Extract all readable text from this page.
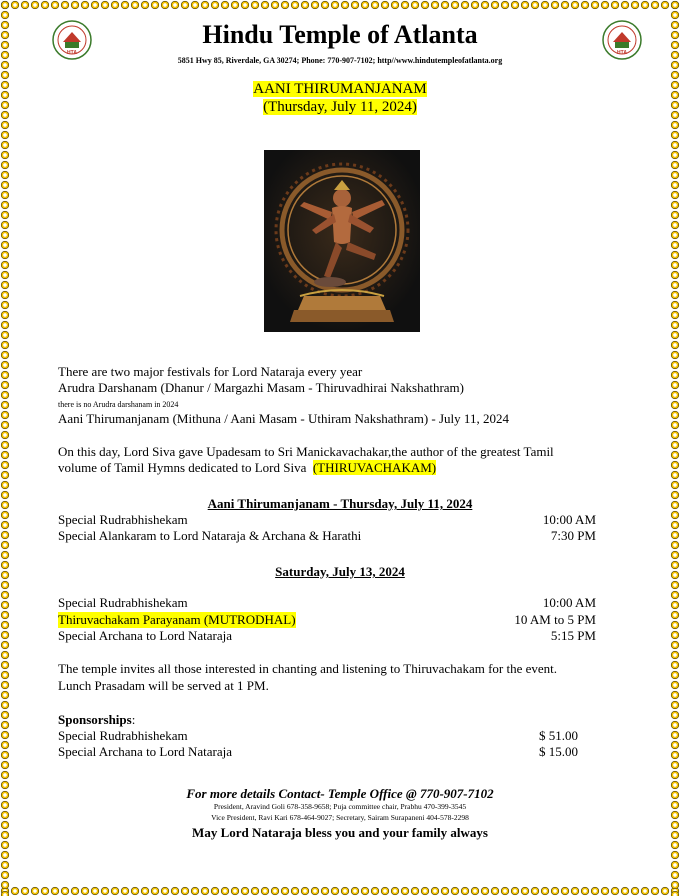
HTA	HTA
Hindu Temple of Atlanta
5851 Hwy 85, Riverdale, GA 30274; Phone: 770-907-7102; http//www.hindutempleofatlanta.org
AANI THIRUMANJANAM
(Thursday, July 11, 2024)
There are two major festivals for Lord Nataraja every year
Arudra Darshanam (Dhanur / Margazhi Masam - Thiruvadhirai Nakshathram)
there is no Arudra darshanam in 2024
Aani Thirumanjanam (Mithuna / Aani Masam - Uthiram Nakshathram) - July 11, 2024
On this day, Lord Siva gave Upadesam to Sri Manickavachakar,the author of the greatest Tamil
volume of Tamil Hymns dedicated to Lord Siva (THIRUVACHAKAM)
Aani Thirumanjanam - Thursday, July 11, 2024
Special Rudrabhishekam	10:00 AM
Special Alankaram to Lord Nataraja & Archana & Harathi	7:30 PM
Saturday, July 13, 2024
Special Rudrabhishekam	10:00 AM
Thiruvachakam Parayanam (MUTRODHAL)	10 AM to 5 PM
Special Archana to Lord Nataraja	5:15 PM
The temple invites all those interested in chanting and listening to Thiruvachakam for the event.
Lunch Prasadam will be served at 1 PM.
Sponsorships:
Special Rudrabhishekam	$ 51.00
Special Archana to Lord Nataraja	$ 15.00
For more details Contact- Temple Office @ 770-907-7102
President, Aravind Goli 678-358-9658; Puja committee chair, Prabhu 470-399-3545
Vice President, Ravi Kari 678-464-9027; Secretary, Sairam Surapaneni 404-578-2298
May Lord Nataraja bless you and your family always
